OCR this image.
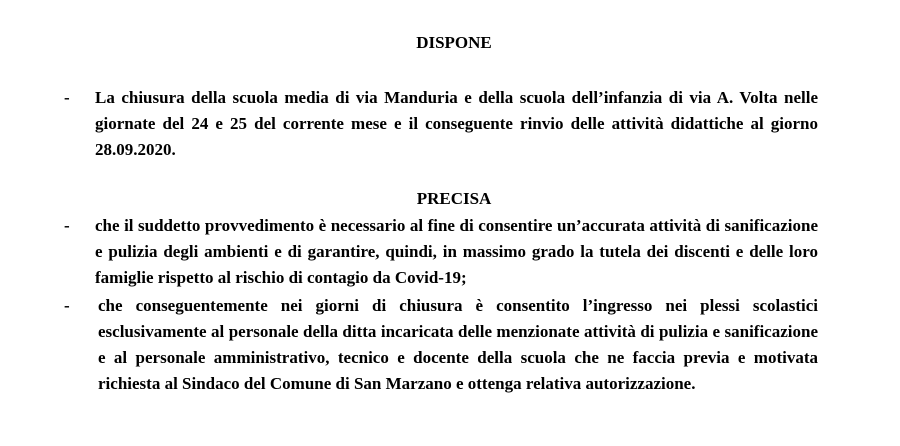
DISPONE
- La chiusura della scuola media di via Manduria e della scuola dell’infanzia di via A. Volta nelle giornate del 24 e 25 del corrente mese e il conseguente rinvio delle attività didattiche al giorno 28.09.2020.
PRECISA
- che il suddetto provvedimento è necessario al fine di consentire un’accurata attività di sanificazione e pulizia degli ambienti e di garantire, quindi, in massimo grado la tutela dei discenti e delle loro famiglie rispetto al rischio di contagio da Covid-19;
- che conseguentemente nei giorni di chiusura è consentito l’ingresso nei plessi scolastici esclusivamente al personale della ditta incaricata delle menzionate attività di pulizia e sanificazione e al personale amministrativo, tecnico e docente della scuola che ne faccia previa e motivata richiesta al Sindaco del Comune di San Marzano e ottenga relativa autorizzazione.
